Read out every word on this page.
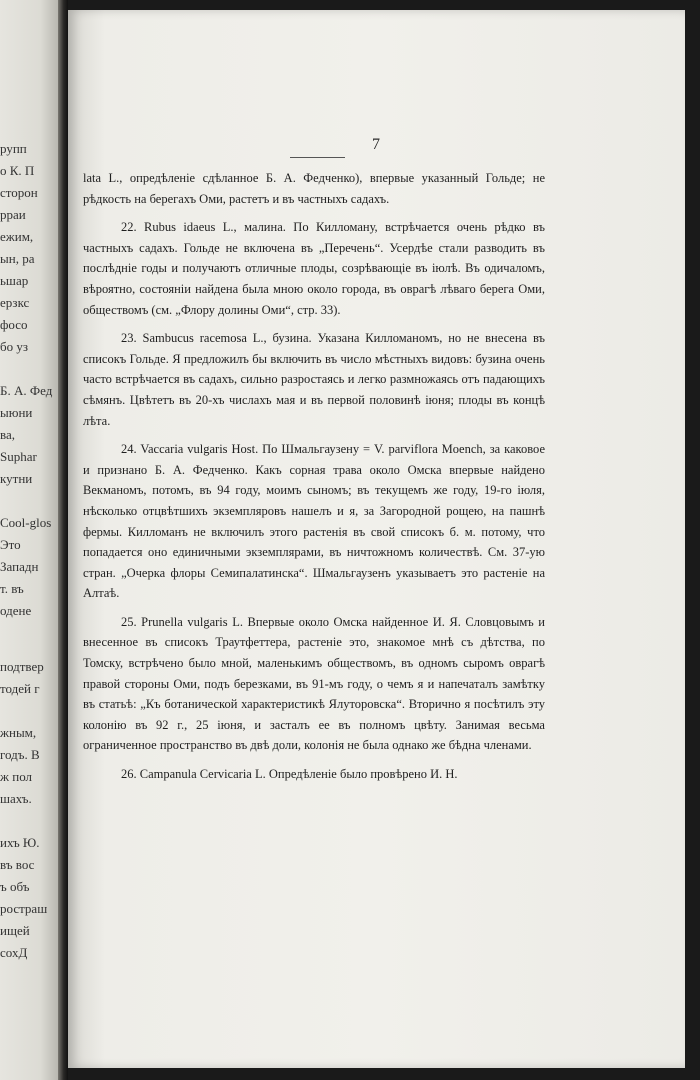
рупп
о К. П
сторон
рраи
ежим,
ын, ра
ьшар
ерзкс
фосо
бо уз
Б. А. Фед
ыюни
ва,
Suphar
кутни
Cool-glos
Это
Западн
т. въ
одене
подтвер
тодей г
жным,
годъ. В
ж пол
шахъ.
ихъ Ю.
въ вос
ъ объ
ростраш
ищей
сохД
7

lata L., опредѣленіе сдѣланное Б. А. Федченко), впервые указанный Гольде; не рѣдкость на берегахъ Оми, растетъ и въ частныхъ садахъ.

22. Rubus idaeus L., малина. По Килломану, встрѣчается очень рѣдко въ частныхъ садахъ. Гольде не включена въ „Перечень“. Усердѣе стали разводить въ послѣдніе годы и получаютъ отличные плоды, созрѣвающіе въ іюлѣ. Въ одичаломъ, вѣроятно, состояніи найдена была мною около города, въ оврагѣ лѣваго берега Оми, обществомъ (см. „Флору долины Оми“, стр. 33).

23. Sambucus racemosa L., бузина. Указана Килломаномъ, но не внесена въ списокъ Гольде. Я предложилъ бы включить въ число мѣстныхъ видовъ: бузина очень часто встрѣчается въ садахъ, сильно разростаясь и легко размножаясь отъ падающихъ сѣмянъ. Цвѣтетъ въ 20-хъ числахъ мая и въ первой половинѣ іюня; плоды въ концѣ лѣта.

24. Vaccaria vulgaris Host. По Шмальгаузену = V. parviflora Moench, за каковое и признано Б. А. Федченко. Какъ сорная трава около Омска впервые найдено Векманомъ, потомъ, въ 94 году, моимъ сыномъ; въ текущемъ же году, 19-го іюля, нѣсколько отцвѣтшихъ экземпляровъ нашелъ и я, за Загородной рощею, на пашнѣ фермы. Килломанъ не включилъ этого растенія въ свой списокъ б. м. потому, что попадается оно единичными экземплярами, въ ничтожномъ количествѣ. См. 37-ую стран. „Очерка флоры Семипалатинска“. Шмальгаузенъ указываетъ это растеніе на Алтаѣ.

25. Prunella vulgaris L. Впервые около Омска найденное И. Я. Словцовымъ и внесенное въ списокъ Траутфеттера, растеніе это, знакомое мнѣ съ дѣтства, по Томску, встрѣчено было мной, маленькимъ обществомъ, въ одномъ сыромъ оврагѣ правой стороны Оми, подъ березками, въ 91-мъ году, о чемъ я и напечаталъ замѣтку въ статьѣ: „Къ ботанической характеристикѣ Ялуторовска“. Вторично я посѣтилъ эту колонію въ 92 г., 25 іюня, и засталъ ее въ полномъ цвѣту. Занимая весьма ограниченное пространство въ двѣ доли, колонія не была однако же бѣдна членами.

26. Campanula Cervicaria L. Опредѣленіе было провѣрено И. Н.
